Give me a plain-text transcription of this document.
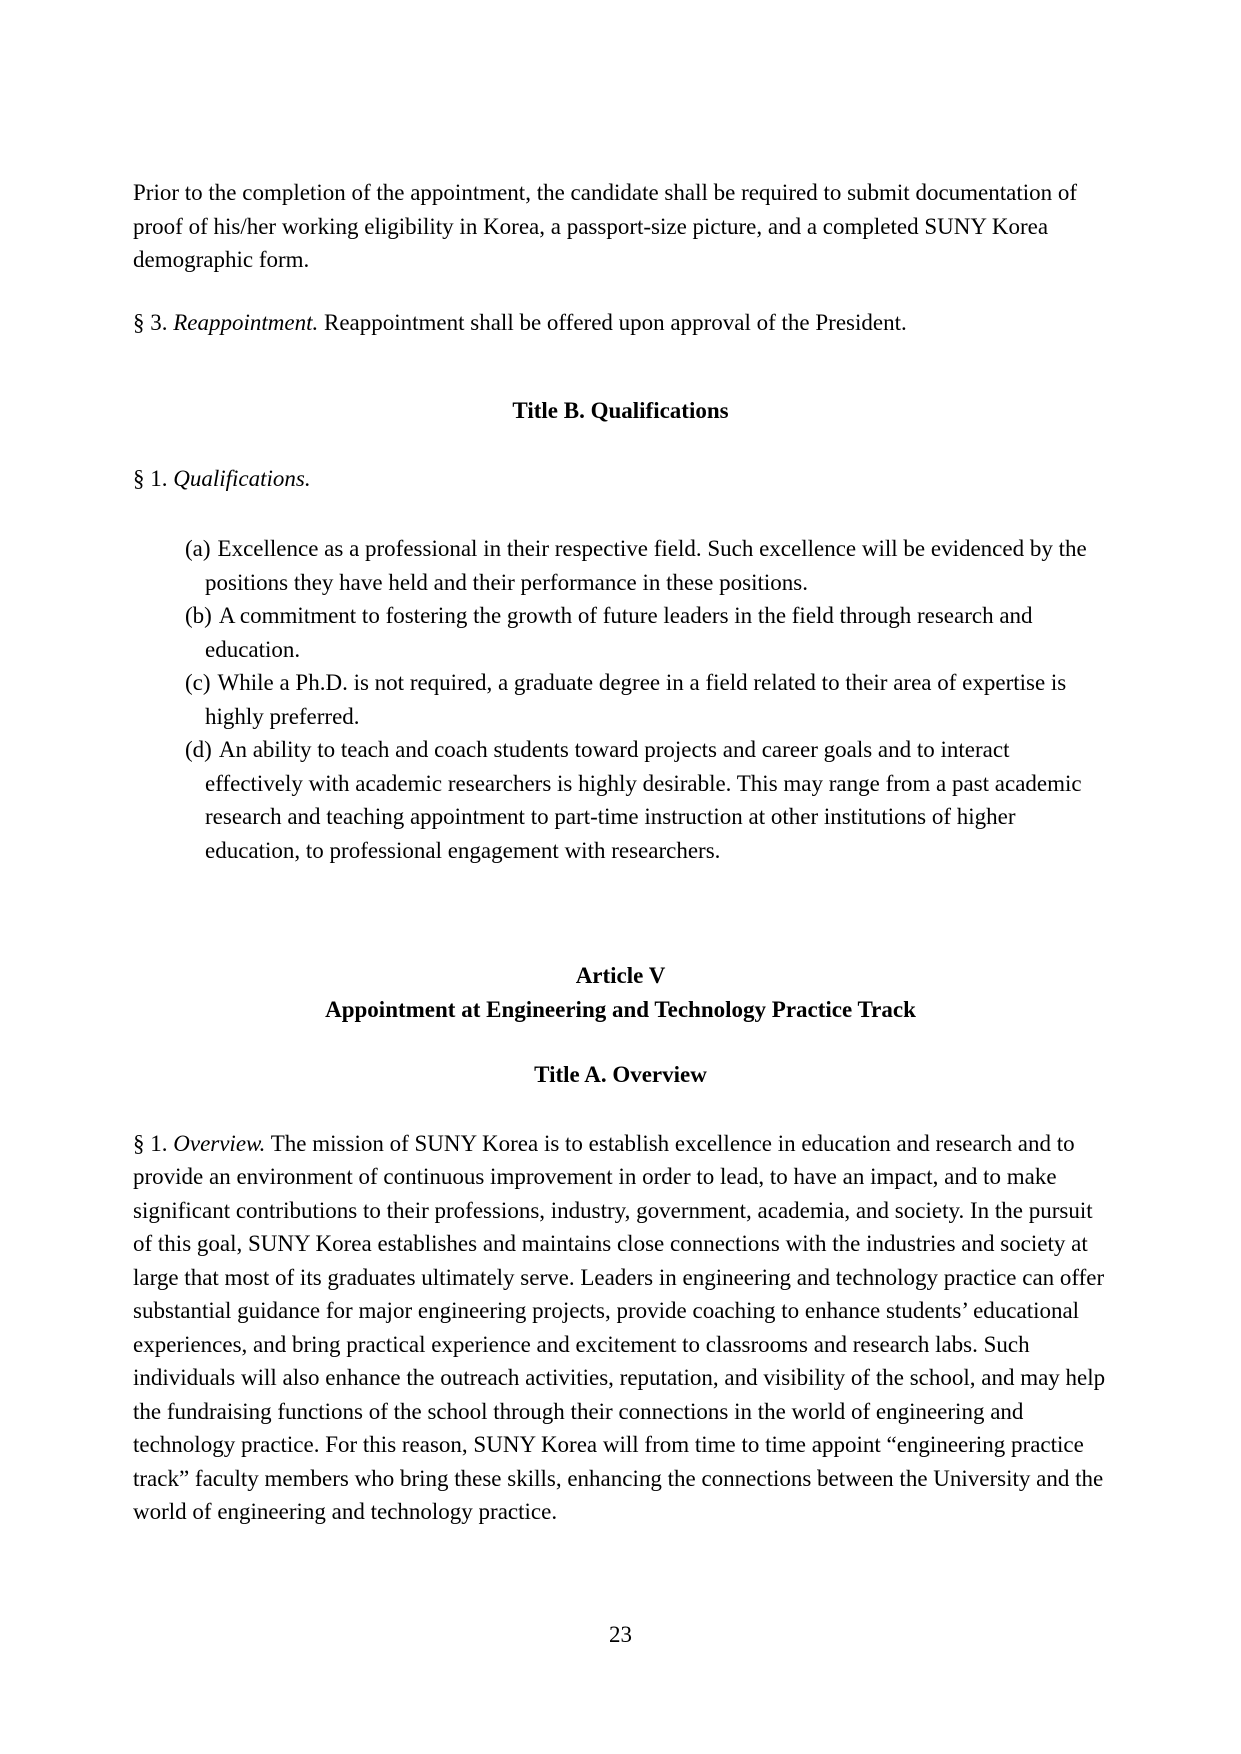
Prior to the completion of the appointment, the candidate shall be required to submit documentation of proof of his/her working eligibility in Korea, a passport-size picture, and a completed SUNY Korea demographic form.

§ 3. Reappointment. Reappointment shall be offered upon approval of the President.

Title B. Qualifications

§ 1. Qualifications.

(a) Excellence as a professional in their respective field. Such excellence will be evidenced by the positions they have held and their performance in these positions.
(b) A commitment to fostering the growth of future leaders in the field through research and education.
(c) While a Ph.D. is not required, a graduate degree in a field related to their area of expertise is highly preferred.
(d) An ability to teach and coach students toward projects and career goals and to interact effectively with academic researchers is highly desirable. This may range from a past academic research and teaching appointment to part-time instruction at other institutions of higher education, to professional engagement with researchers.
Article V
Appointment at Engineering and Technology Practice Track
Title A. Overview

§ 1. Overview. The mission of SUNY Korea is to establish excellence in education and research and to provide an environment of continuous improvement in order to lead, to have an impact, and to make significant contributions to their professions, industry, government, academia, and society. In the pursuit of this goal, SUNY Korea establishes and maintains close connections with the industries and society at large that most of its graduates ultimately serve. Leaders in engineering and technology practice can offer substantial guidance for major engineering projects, provide coaching to enhance students’ educational experiences, and bring practical experience and excitement to classrooms and research labs. Such individuals will also enhance the outreach activities, reputation, and visibility of the school, and may help the fundraising functions of the school through their connections in the world of engineering and technology practice. For this reason, SUNY Korea will from time to time appoint “engineering practice track” faculty members who bring these skills, enhancing the connections between the University and the world of engineering and technology practice.

23
